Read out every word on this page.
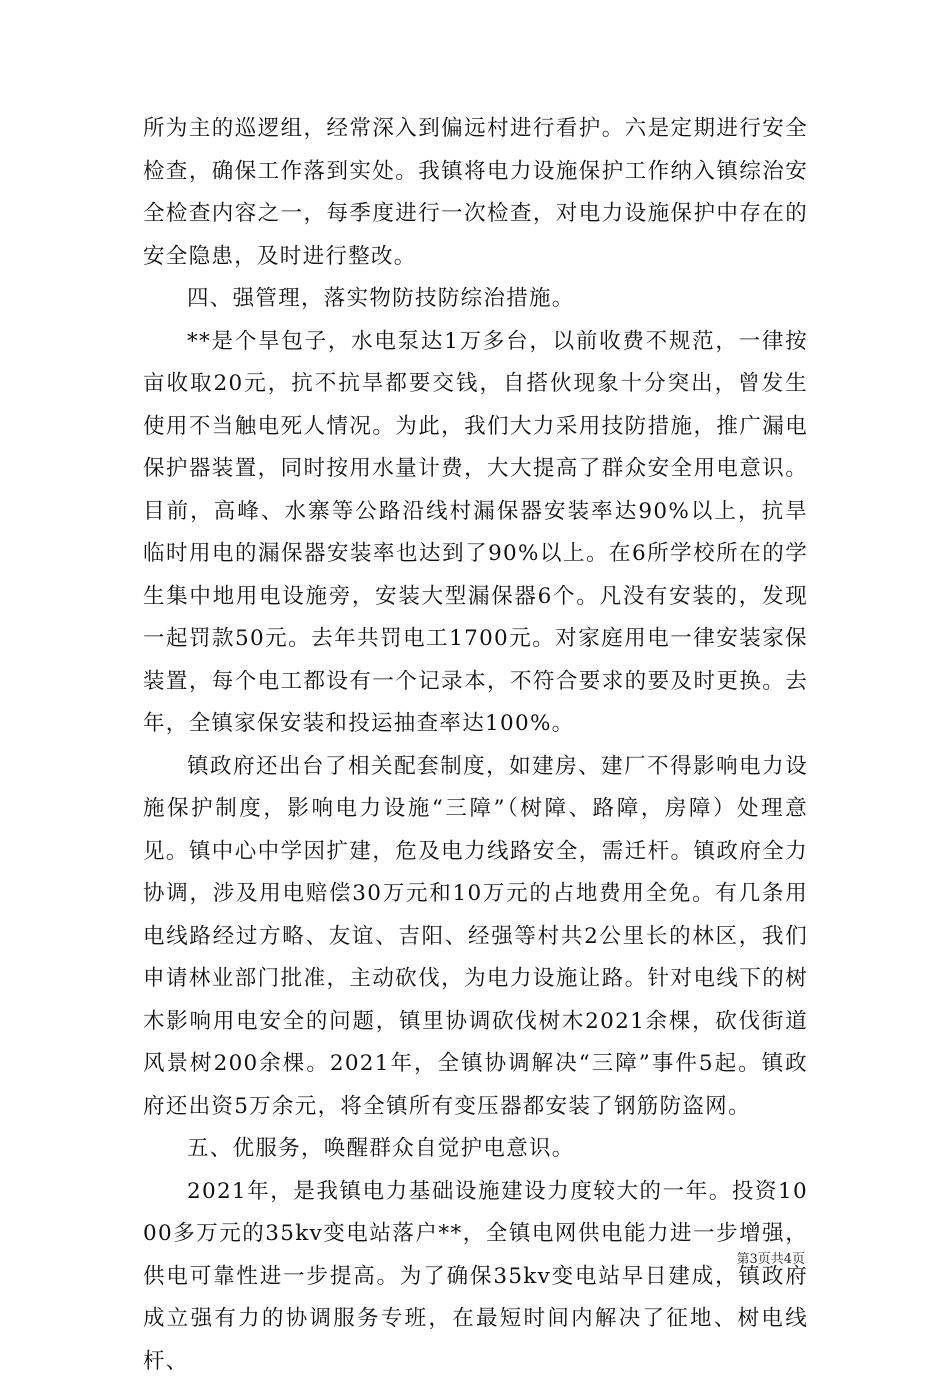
所为主的巡逻组，经常深入到偏远村进行看护。六是定期进行安全检查，确保工作落到实处。我镇将电力设施保护工作纳入镇综治安全检查内容之一，每季度进行一次检查，对电力设施保护中存在的安全隐患，及时进行整改。

四、强管理，落实物防技防综治措施。

**是个旱包子，水电泵达1万多台，以前收费不规范，一律按亩收取20元，抗不抗旱都要交钱，自搭伙现象十分突出，曾发生使用不当触电死人情况。为此，我们大力采用技防措施，推广漏电保护器装置，同时按用水量计费，大大提高了群众安全用电意识。目前，高峰、水寨等公路沿线村漏保器安装率达90%以上，抗旱临时用电的漏保器安装率也达到了90%以上。在6所学校所在的学生集中地用电设施旁，安装大型漏保器6个。凡没有安装的，发现一起罚款50元。去年共罚电工1700元。对家庭用电一律安装家保装置，每个电工都设有一个记录本，不符合要求的要及时更换。去年，全镇家保安装和投运抽查率达100%。

镇政府还出台了相关配套制度，如建房、建厂不得影响电力设施保护制度，影响电力设施“三障”（树障、路障，房障）处理意见。镇中心中学因扩建，危及电力线路安全，需迁杆。镇政府全力协调，涉及用电赔偿30万元和10万元的占地费用全免。有几条用电线路经过方略、友谊、吉阳、经强等村共2公里长的林区，我们申请林业部门批准，主动砍伐，为电力设施让路。针对电线下的树木影响用电安全的问题，镇里协调砍伐树木2021余棵，砍伐街道风景树200余棵。2021年，全镇协调解决“三障”事件5起。镇政府还出资5万余元，将全镇所有变压器都安装了钢筋防盗网。

五、优服务，唤醒群众自觉护电意识。

2021年，是我镇电力基础设施建设力度较大的一年。投资1000多万元的35kv变电站落户**，全镇电网供电能力进一步增强，供电可靠性进一步提高。为了确保35kv变电站早日建成，镇政府成立强有力的协调服务专班，在最短时间内解决了征地、树电线杆、

第3页共4页
